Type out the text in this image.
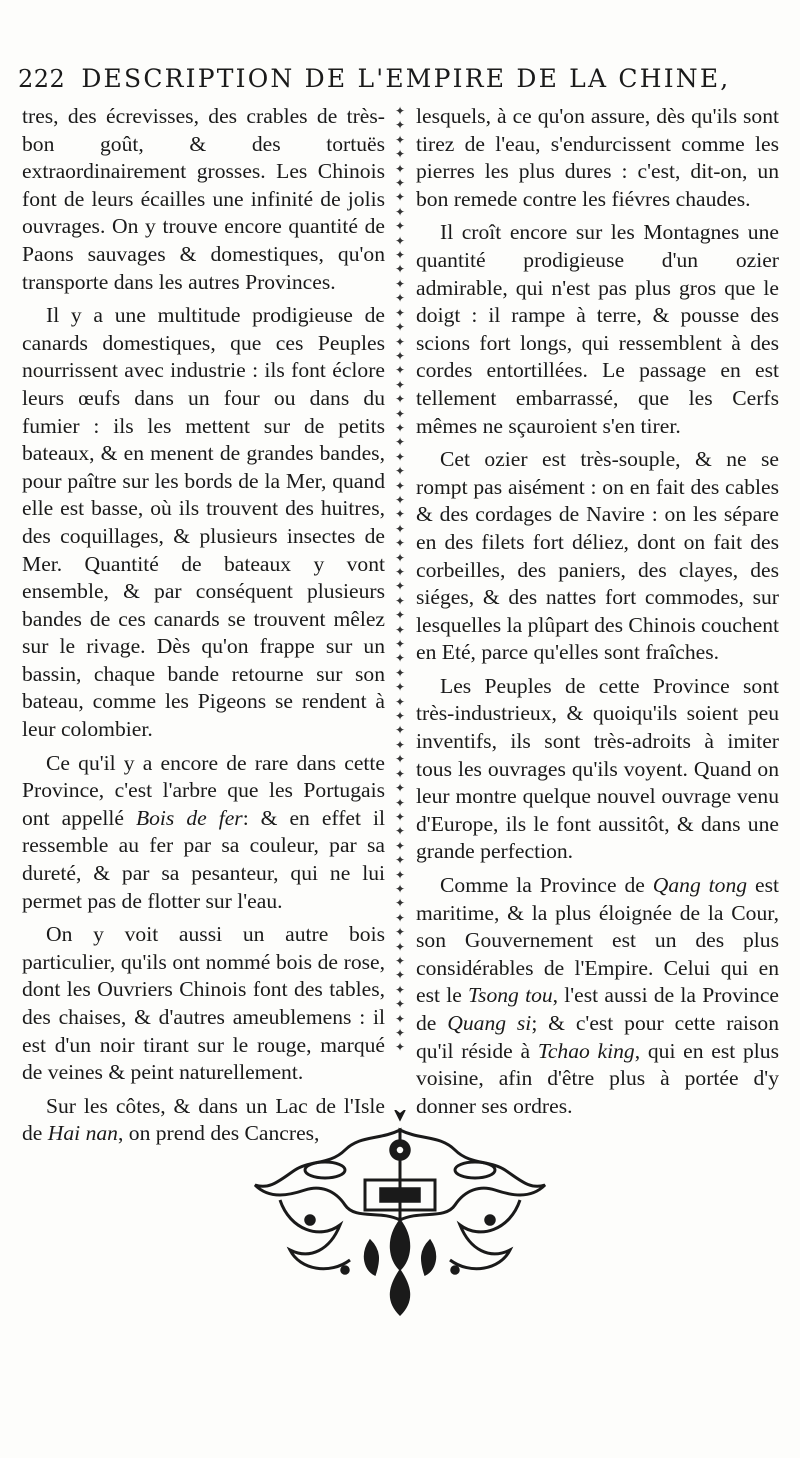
222 DESCRIPTION DE L'EMPIRE DE LA CHINE,

tres, des écrevisses, des crables de très-bon goût, & des tortuës extraordinairement grosses. Les Chinois font de leurs écailles une infinité de jolis ouvrages. On y trouve encore quantité de Paons sauvages & domestiques, qu'on transporte dans les autres Provinces.

Il y a une multitude prodigieuse de canards domestiques, que ces Peuples nourrissent avec industrie : ils font éclore leurs œufs dans un four ou dans du fumier : ils les mettent sur de petits bateaux, & en menent de grandes bandes, pour paître sur les bords de la Mer, quand elle est basse, où ils trouvent des huitres, des coquillages, & plusieurs insectes de Mer. Quantité de bateaux y vont ensemble, & par conséquent plusieurs bandes de ces canards se trouvent mêlez sur le rivage. Dès qu'on frappe sur un bassin, chaque bande retourne sur son bateau, comme les Pigeons se rendent à leur colombier.

Ce qu'il y a encore de rare dans cette Province, c'est l'arbre que les Portugais ont appellé Bois de fer: & en effet il ressemble au fer par sa couleur, par sa dureté, & par sa pesanteur, qui ne lui permet pas de flotter sur l'eau.

On y voit aussi un autre bois particulier, qu'ils ont nommé bois de rose, dont les Ouvriers Chinois font des tables, des chaises, & d'autres ameublemens : il est d'un noir tirant sur le rouge, marqué de veines & peint naturellement.

Sur les côtes, & dans un Lac de l'Isle de Hai nan, on prend des Cancres,

✦
✦
✦
✦
✦
✦
✦
✦
✦
✦
✦
✦
✦
✦
✦
✦
✦
✦
✦
✦
✦
✦
✦
✦
✦
✦
✦
✦
✦
✦
✦
✦
✦
✦
✦
✦
✦
✦
✦
✦
✦
✦
✦
✦
✦
✦
✦
✦
✦
✦
✦
✦
✦
✦
✦
✦
✦
✦
✦
✦
✦
✦
✦
✦
✦
✦

lesquels, à ce qu'on assure, dès qu'ils sont tirez de l'eau, s'endurcissent comme les pierres les plus dures : c'est, dit-on, un bon remede contre les fiévres chaudes.

Il croît encore sur les Montagnes une quantité prodigieuse d'un ozier admirable, qui n'est pas plus gros que le doigt : il rampe à terre, & pousse des scions fort longs, qui ressemblent à des cordes entortillées. Le passage en est tellement embarrassé, que les Cerfs mêmes ne sçauroient s'en tirer.

Cet ozier est très-souple, & ne se rompt pas aisément : on en fait des cables & des cordages de Navire : on les sépare en des filets fort déliez, dont on fait des corbeilles, des paniers, des clayes, des siéges, & des nattes fort commodes, sur lesquelles la plûpart des Chinois couchent en Eté, parce qu'elles sont fraîches.

Les Peuples de cette Province sont très-industrieux, & quoiqu'ils soient peu inventifs, ils sont très-adroits à imiter tous les ouvrages qu'ils voyent. Quand on leur montre quelque nouvel ouvrage venu d'Europe, ils le font aussitôt, & dans une grande perfection.

Comme la Province de Qang tong est maritime, & la plus éloignée de la Cour, son Gouvernement est un des plus considérables de l'Empire. Celui qui en est le Tsong tou, l'est aussi de la Province de Quang si; & c'est pour cette raison qu'il réside à Tchao king, qui en est plus voisine, afin d'être plus à portée d'y donner ses ordres.
